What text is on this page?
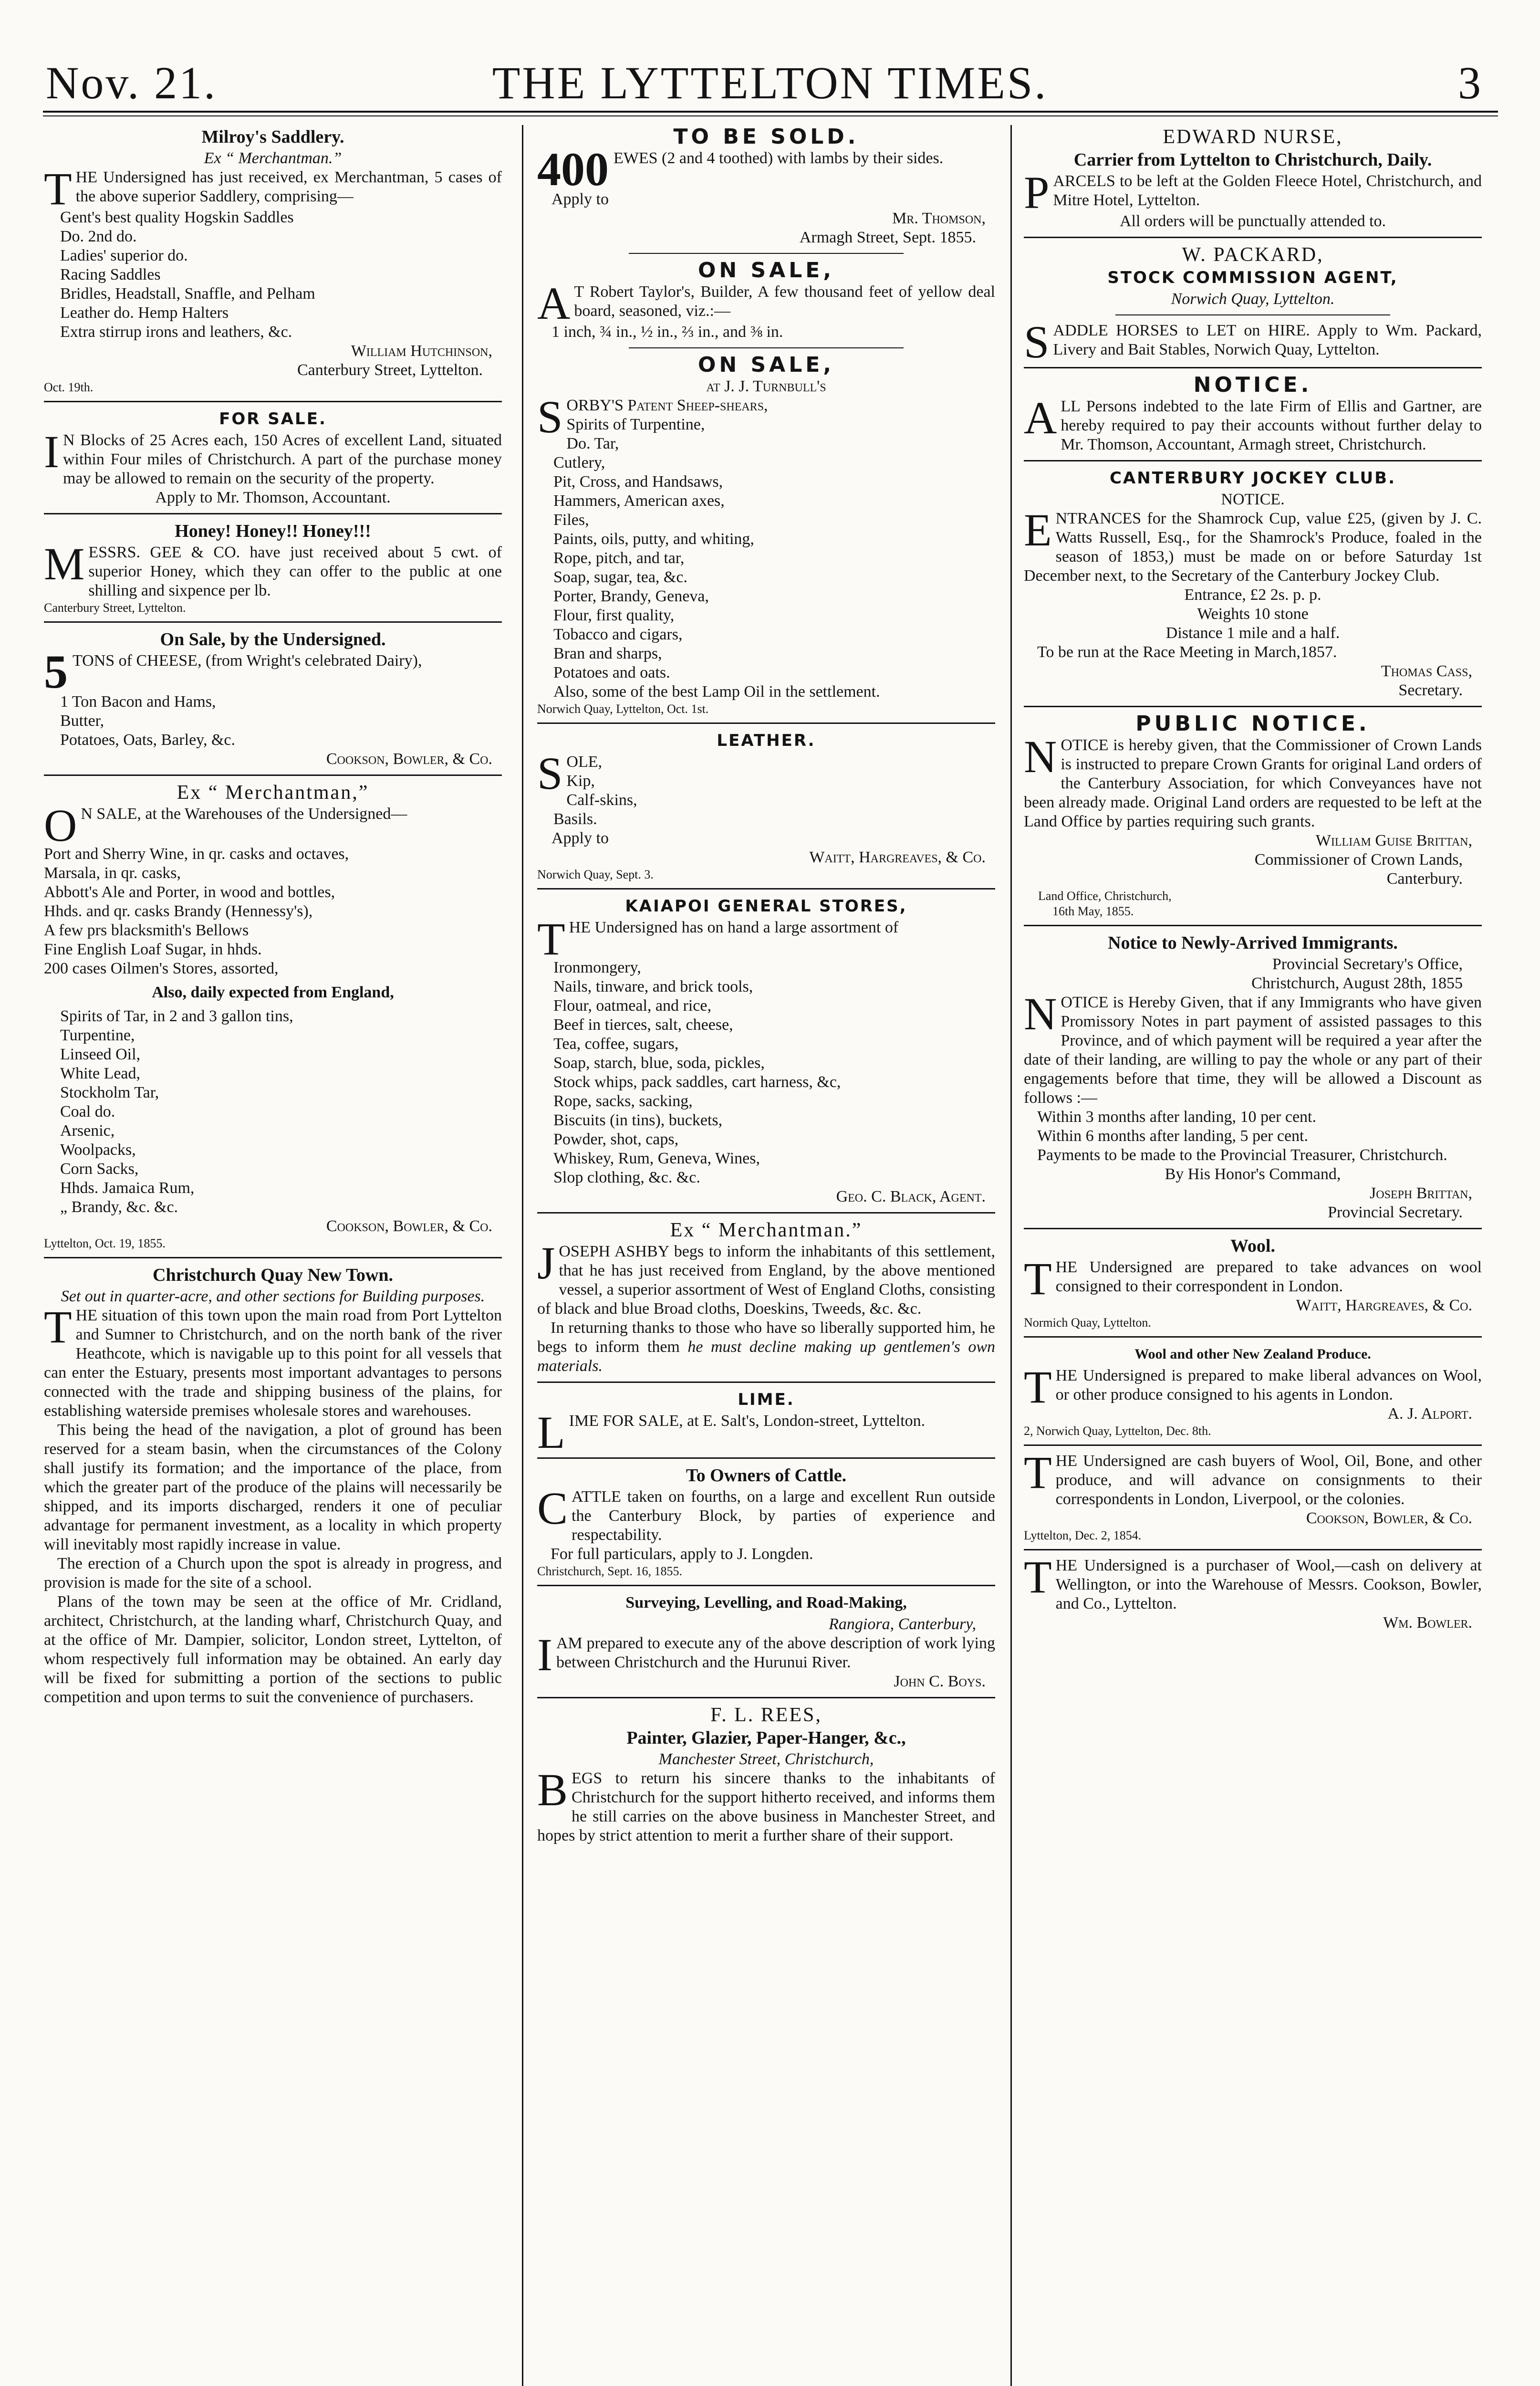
Nov. 21.	THE LYTTELTON TIMES.	3
Milroy's Saddlery.
Ex “ Merchantman.”

THE Undersigned has just received, ex Merchantman, 5 cases of the above superior Saddlery, comprising—

Gent's best quality Hogskin Saddles

Do. 2nd do.

Ladies' superior do.

Racing Saddles

Bridles, Headstall, Snaffle, and Pelham

Leather do. Hemp Halters

Extra stirrup irons and leathers, &c.

William Hutchinson,

Canterbury Street, Lyttelton.

Oct. 19th.

FOR SALE.

I N Blocks of 25 Acres each, 150 Acres of excellent Land, situated within Four miles of Christchurch. A part of the purchase money may be allowed to remain on the security of the property.

Apply to Mr. Thomson, Accountant.

Honey! Honey!! Honey!!!

MESSRS. GEE & CO. have just received about 5 cwt. of superior Honey, which they can offer to the public at one shilling and sixpence per lb.

Canterbury Street, Lyttelton.

On Sale, by the Undersigned.

5 TONS of CHEESE, (from Wright's celebrated Dairy),

1 Ton Bacon and Hams,

Butter,

Potatoes, Oats, Barley, &c.

Cookson, Bowler, & Co.

Ex “ Merchantman,”

O N SALE, at the Warehouses of the Undersigned—

Port and Sherry Wine, in qr. casks and octaves,

Marsala, in qr. casks,

Abbott's Ale and Porter, in wood and bottles,

Hhds. and qr. casks Brandy (Hennessy's),

A few prs blacksmith's Bellows

Fine English Loaf Sugar, in hhds.

200 cases Oilmen's Stores, assorted,

Also, daily expected from England,

Spirits of Tar, in 2 and 3 gallon tins,

Turpentine,

Linseed Oil,

White Lead,

Stockholm Tar,

Coal do.

Arsenic,

Woolpacks,

Corn Sacks,

Hhds. Jamaica Rum,

„ Brandy, &c. &c.

Cookson, Bowler, & Co.

Lyttelton, Oct. 19, 1855.

Christchurch Quay New Town.
Set out in quarter-acre, and other sections for Building purposes.

THE situation of this town upon the main road from Port Lyttelton and Sumner to Christchurch, and on the north bank of the river Heathcote, which is navigable up to this point for all vessels that can enter the Estuary, presents most important advantages to persons connected with the trade and shipping business of the plains, for establishing waterside premises wholesale stores and warehouses.

This being the head of the navigation, a plot of ground has been reserved for a steam basin, when the circumstances of the Colony shall justify its formation; and the importance of the place, from which the greater part of the produce of the plains will necessarily be shipped, and its imports discharged, renders it one of peculiar advantage for permanent investment, as a locality in which property will inevitably most rapidly increase in value.

The erection of a Church upon the spot is already in progress, and provision is made for the site of a school.

Plans of the town may be seen at the office of Mr. Cridland, architect, Christchurch, at the landing wharf, Christchurch Quay, and at the office of Mr. Dampier, solicitor, London street, Lyttelton, of whom respectively full information may be obtained. An early day will be fixed for submitting a portion of the sections to public competition and upon terms to suit the convenience of purchasers.

TO BE SOLD.

400 EWES (2 and 4 toothed) with lambs by their sides.

Apply to

Mr. Thomson,

Armagh Street, Sept. 1855.

ON SALE,

A T Robert Taylor's, Builder, A few thousand feet of yellow deal board, seasoned, viz.:—

1 inch, ¾ in., ½ in., ⅔ in., and ⅜ in.

ON SALE,
at J. J. Turnbull's

SORBY'S Patent Sheep-shears,

Spirits of Turpentine,

Do. Tar,

Cutlery,

Pit, Cross, and Handsaws,

Hammers, American axes,

Files,

Paints, oils, putty, and whiting,

Rope, pitch, and tar,

Soap, sugar, tea, &c.

Porter, Brandy, Geneva,

Flour, first quality,

Tobacco and cigars,

Bran and sharps,

Potatoes and oats.

Also, some of the best Lamp Oil in the settlement.

Norwich Quay, Lyttelton, Oct. 1st.

LEATHER.

SOLE,

Kip,

Calf-skins,

Basils.

Apply to

Waitt, Hargreaves, & Co.

Norwich Quay, Sept. 3.

KAIAPOI GENERAL STORES,

THE Undersigned has on hand a large assortment of

Ironmongery,

Nails, tinware, and brick tools,

Flour, oatmeal, and rice,

Beef in tierces, salt, cheese,

Tea, coffee, sugars,

Soap, starch, blue, soda, pickles,

Stock whips, pack saddles, cart harness, &c,

Rope, sacks, sacking,

Biscuits (in tins), buckets,

Powder, shot, caps,

Whiskey, Rum, Geneva, Wines,

Slop clothing, &c. &c.

Geo. C. Black, Agent.

Ex “ Merchantman.”

JOSEPH ASHBY begs to inform the inhabitants of this settlement, that he has just received from England, by the above mentioned vessel, a superior assortment of West of England Cloths, consisting of black and blue Broad cloths, Doeskins, Tweeds, &c. &c.

In returning thanks to those who have so liberally supported him, he begs to inform them he must decline making up gentlemen's own materials.

LIME.

LIME FOR SALE, at E. Salt's, London-street, Lyttelton.

To Owners of Cattle.

CATTLE taken on fourths, on a large and excellent Run outside the Canterbury Block, by parties of experience and respectability.

For full particulars, apply to J. Longden.

Christchurch, Sept. 16, 1855.

Surveying, Levelling, and Road-Making,

Rangiora, Canterbury,

IAM prepared to execute any of the above description of work lying between Christchurch and the Hurunui River.

John C. Boys.

F. L. REES,
Painter, Glazier, Paper-Hanger, &c.,
Manchester Street, Christchurch,

BEGS to return his sincere thanks to the inhabitants of Christchurch for the support hitherto received, and informs them he still carries on the above business in Manchester Street, and hopes by strict attention to merit a further share of their support.

EDWARD NURSE,
Carrier from Lyttelton to Christchurch, Daily.

PARCELS to be left at the Golden Fleece Hotel, Christchurch, and Mitre Hotel, Lyttelton.

All orders will be punctually attended to.

W. PACKARD,
STOCK COMMISSION AGENT,
Norwich Quay, Lyttelton.

SADDLE HORSES to LET on HIRE. Apply to Wm. Packard, Livery and Bait Stables, Norwich Quay, Lyttelton.

NOTICE.

ALL Persons indebted to the late Firm of Ellis and Gartner, are hereby required to pay their accounts without further delay to Mr. Thomson, Accountant, Armagh street, Christchurch.

CANTERBURY JOCKEY CLUB.
NOTICE.

ENTRANCES for the Shamrock Cup, value £25, (given by J. C. Watts Russell, Esq., for the Shamrock's Produce, foaled in the season of 1853,) must be made on or before Saturday 1st December next, to the Secretary of the Canterbury Jockey Club.

Entrance, £2 2s. p. p.

Weights 10 stone

Distance 1 mile and a half.

To be run at the Race Meeting in March,1857.

Thomas Cass,

Secretary.

PUBLIC NOTICE.

NOTICE is hereby given, that the Commissioner of Crown Lands is instructed to prepare Crown Grants for original Land orders of the Canterbury Association, for which Conveyances have not been already made. Original Land orders are requested to be left at the Land Office by parties requiring such grants.

William Guise Brittan,

Commissioner of Crown Lands,

Canterbury.

Land Office, Christchurch,

16th May, 1855.

Notice to Newly-Arrived Immigrants.

Provincial Secretary's Office,

Christchurch, August 28th, 1855

NOTICE is Hereby Given, that if any Immigrants who have given Promissory Notes in part payment of assisted passages to this Province, and of which payment will be required a year after the date of their landing, are willing to pay the whole or any part of their engagements before that time, they will be allowed a Discount as follows :—

Within 3 months after landing, 10 per cent.

Within 6 months after landing, 5 per cent.

Payments to be made to the Provincial Treasurer, Christchurch.

By His Honor's Command,

Joseph Brittan,

Provincial Secretary.

Wool.

THE Undersigned are prepared to take advances on wool consigned to their correspondent in London.

Waitt, Hargreaves, & Co.

Normich Quay, Lyttelton.

Wool and other New Zealand Produce.

THE Undersigned is prepared to make liberal advances on Wool, or other produce consigned to his agents in London.

A. J. Alport.

2, Norwich Quay, Lyttelton, Dec. 8th.

THE Undersigned are cash buyers of Wool, Oil, Bone, and other produce, and will advance on consignments to their correspondents in London, Liverpool, or the colonies.

Cookson, Bowler, & Co.

Lyttelton, Dec. 2, 1854.

THE Undersigned is a purchaser of Wool,—cash on delivery at Wellington, or into the Warehouse of Messrs. Cookson, Bowler, and Co., Lyttelton.

Wm. Bowler.
